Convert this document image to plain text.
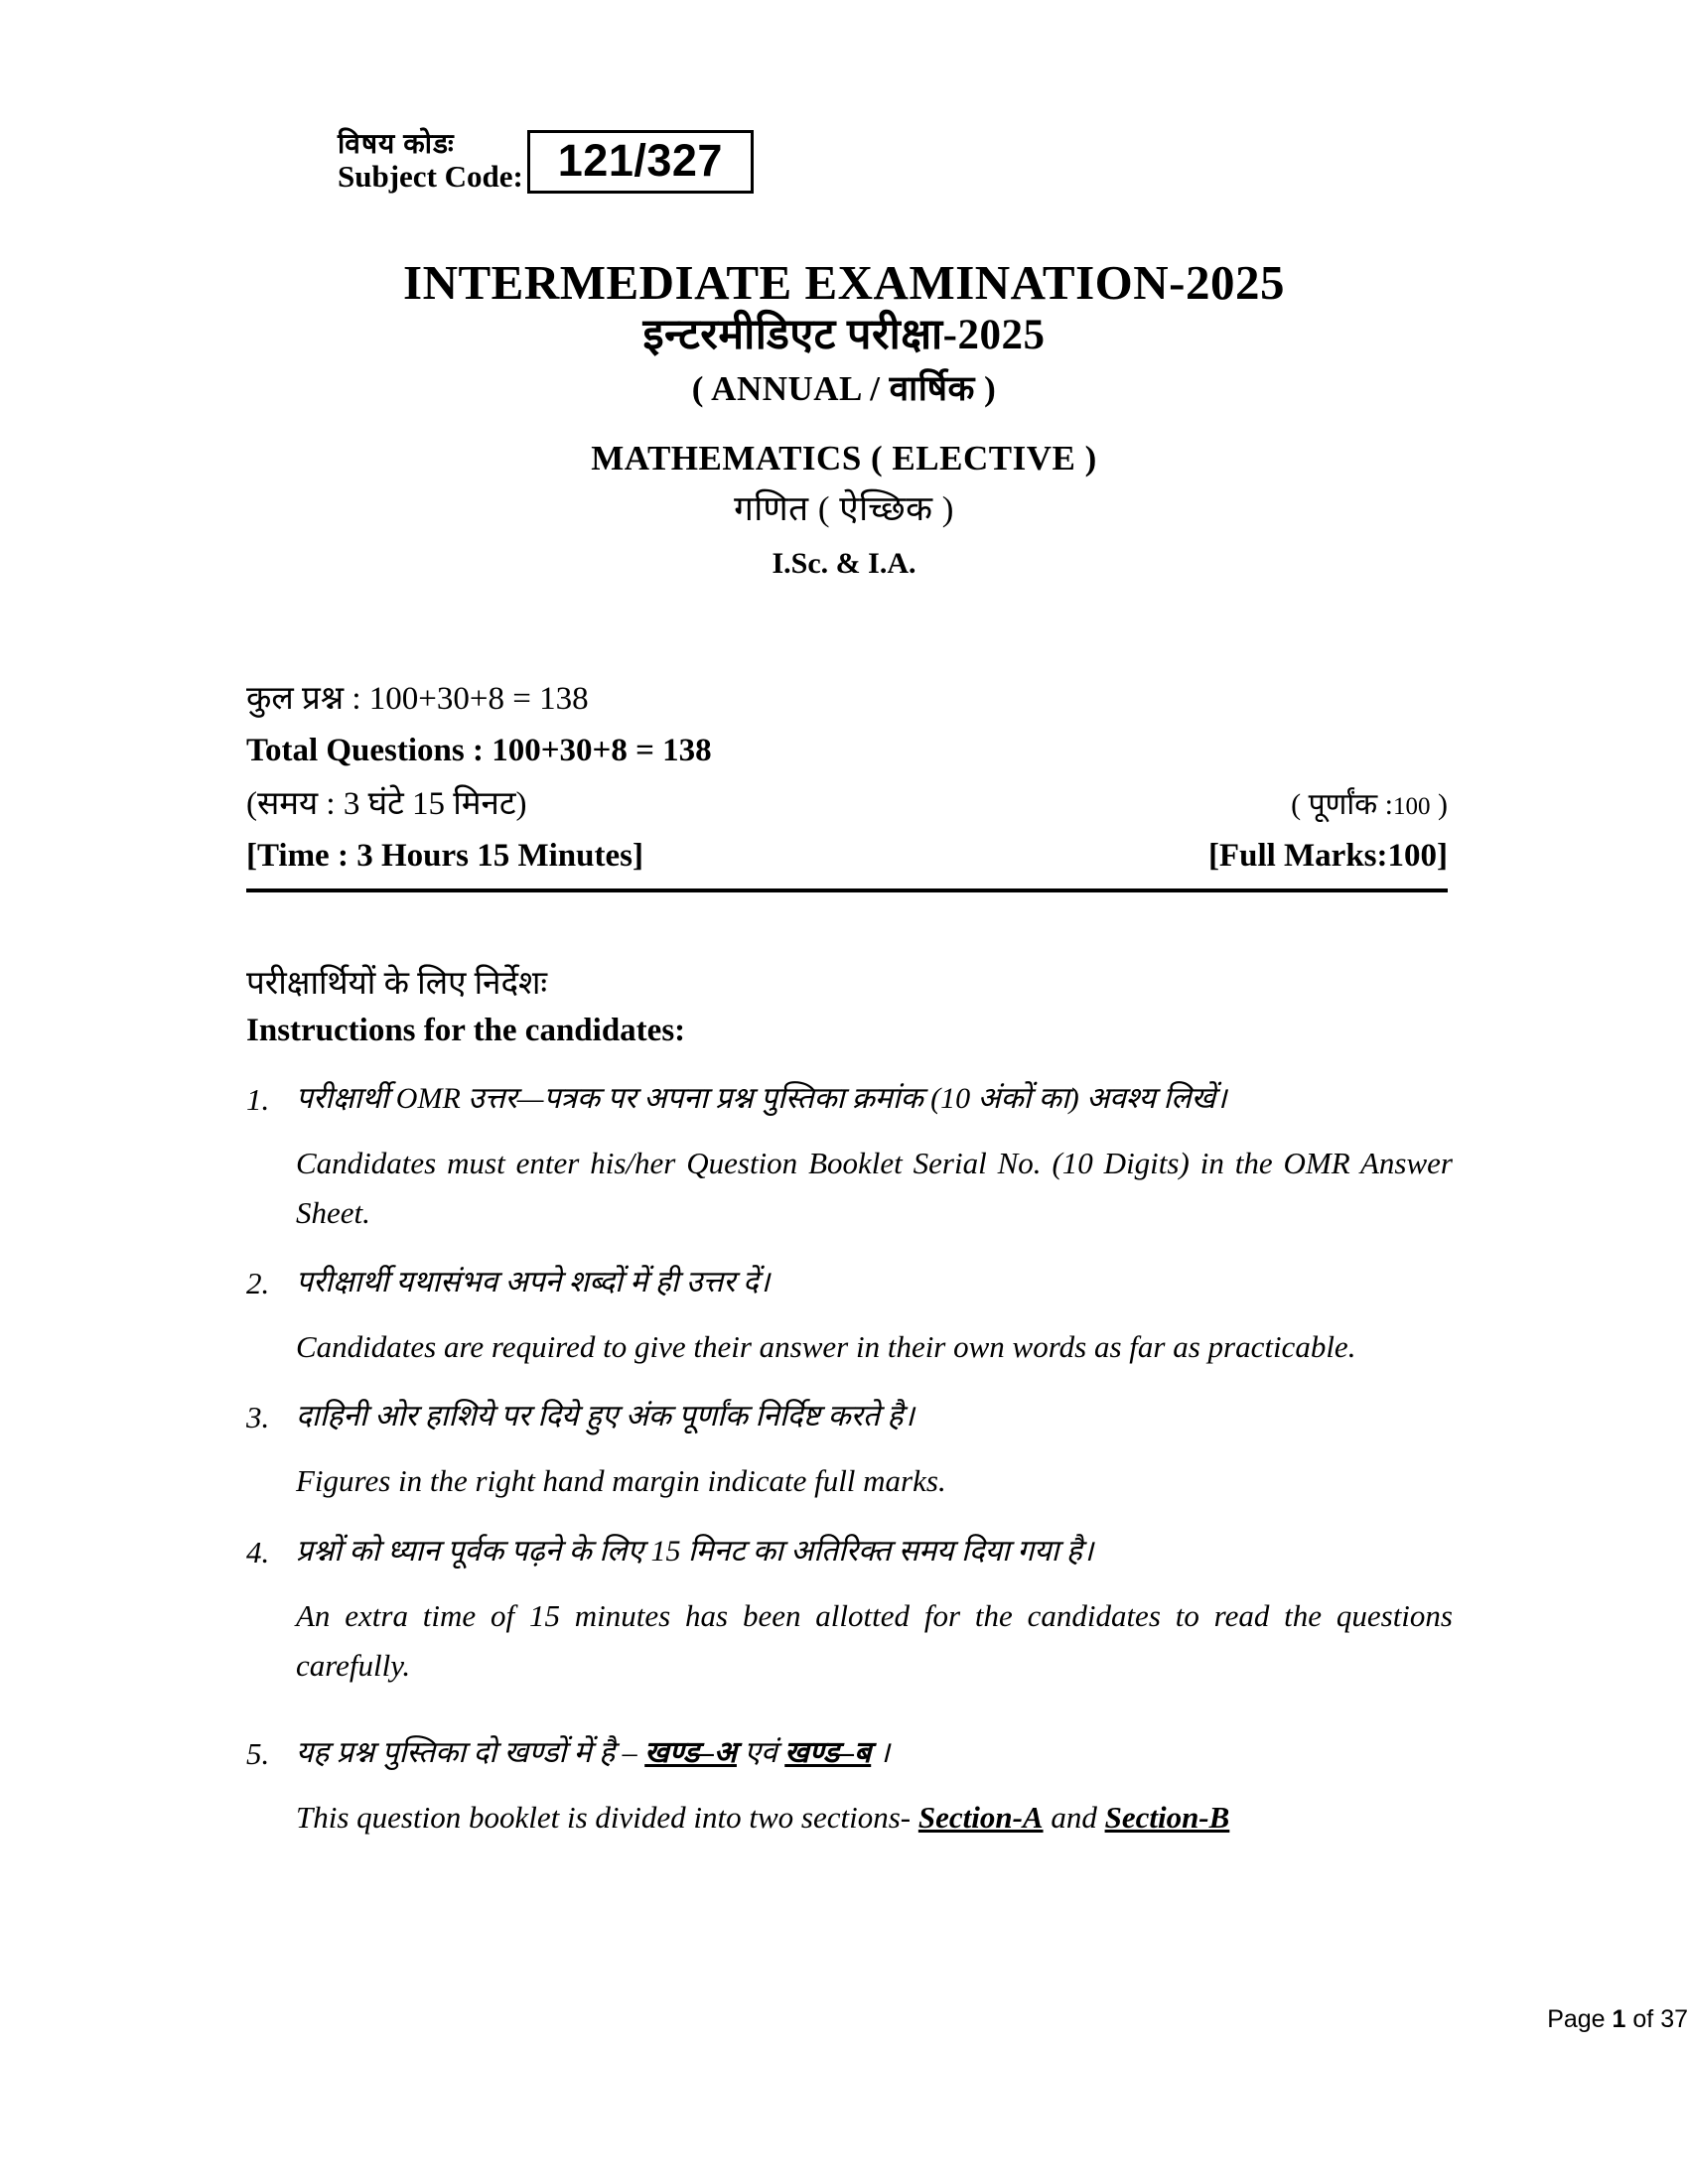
विषय कोडः
Subject Code: 121/327
INTERMEDIATE EXAMINATION-2025
इन्टरमीडिएट परीक्षा-2025
( ANNUAL / वार्षिक )
MATHEMATICS ( ELECTIVE )
गणित ( ऐच्छिक )
I.Sc. & I.A.
कुल प्रश्न : 100+30+8 = 138
Total Questions : 100+30+8 = 138
(समय : 3 घंटे 15 मिनट)	( पूर्णांक :100 )
[Time : 3 Hours 15 Minutes]	[Full Marks:100]
परीक्षार्थियों के लिए निर्देशः
Instructions for the candidates:
1. परीक्षार्थी OMR उत्तर—पत्रक पर अपना प्रश्न पुस्तिका क्रमांक (10 अंकों का) अवश्य लिखें।
Candidates must enter his/her Question Booklet Serial No. (10 Digits) in the OMR Answer Sheet.
2. परीक्षार्थी यथासंभव अपने शब्दों में ही उत्तर दें।
Candidates are required to give their answer in their own words as far as practicable.
3. दाहिनी ओर हाशिये पर दिये हुए अंक पूर्णांक निर्दिष्ट करते है।
Figures in the right hand margin indicate full marks.
4. प्रश्नों को ध्यान पूर्वक पढ़ने के लिए 15 मिनट का अतिरिक्त समय दिया गया है।
An extra time of 15 minutes has been allotted for the candidates to read the questions carefully.
5. यह प्रश्न पुस्तिका दो खण्डों में है – खण्ड–अ एवं खण्ड–ब ।
This question booklet is divided into two sections- Section-A and Section-B
Page 1 of 37
